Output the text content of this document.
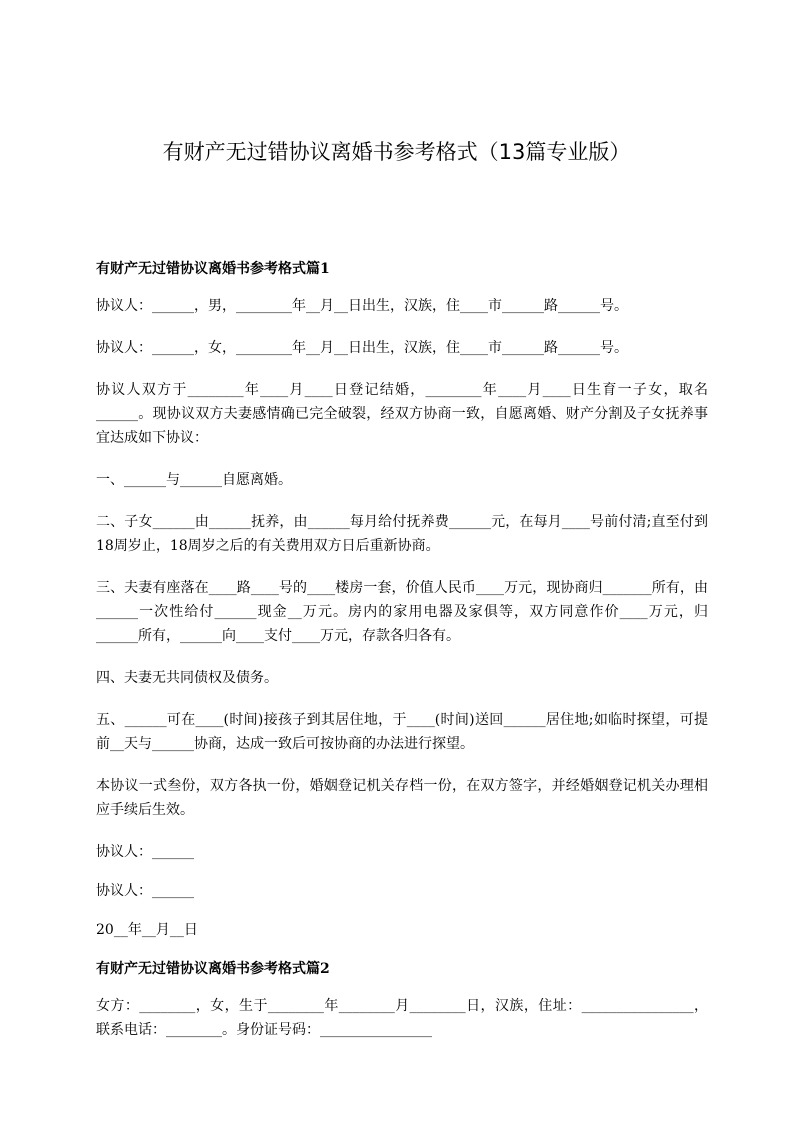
有财产无过错协议离婚书参考格式（13篇专业版）
有财产无过错协议离婚书参考格式篇1

协议人：______，男，________年__月__日出生，汉族，住____市______路______号。

协议人：______，女，________年__月__日出生，汉族，住____市______路______号。

协议人双方于________年____月____日登记结婚，________年____月____日生育一子女，取名______。现协议双方夫妻感情确已完全破裂，经双方协商一致，自愿离婚、财产分割及子女抚养事宜达成如下协议：

一、______与______自愿离婚。

二、子女______由______抚养，由______每月给付抚养费______元，在每月____号前付清;直至付到18周岁止，18周岁之后的有关费用双方日后重新协商。

三、夫妻有座落在____路____号的____楼房一套，价值人民币____万元，现协商归_______所有，由______一次性给付______现金__万元。房内的家用电器及家俱等，双方同意作价____万元，归______所有，______向____支付____万元，存款各归各有。

四、夫妻无共同债权及债务。

五、______可在____(时间)接孩子到其居住地，于____(时间)送回______居住地;如临时探望，可提前__天与______协商，达成一致后可按协商的办法进行探望。

本协议一式叁份，双方各执一份，婚姻登记机关存档一份，在双方签字，并经婚姻登记机关办理相应手续后生效。

协议人：______

协议人：______

20__年__月__日

有财产无过错协议离婚书参考格式篇2

女方：________，女，生于________年________月________日，汉族，住址：________________，联系电话：________。身份证号码：________________
